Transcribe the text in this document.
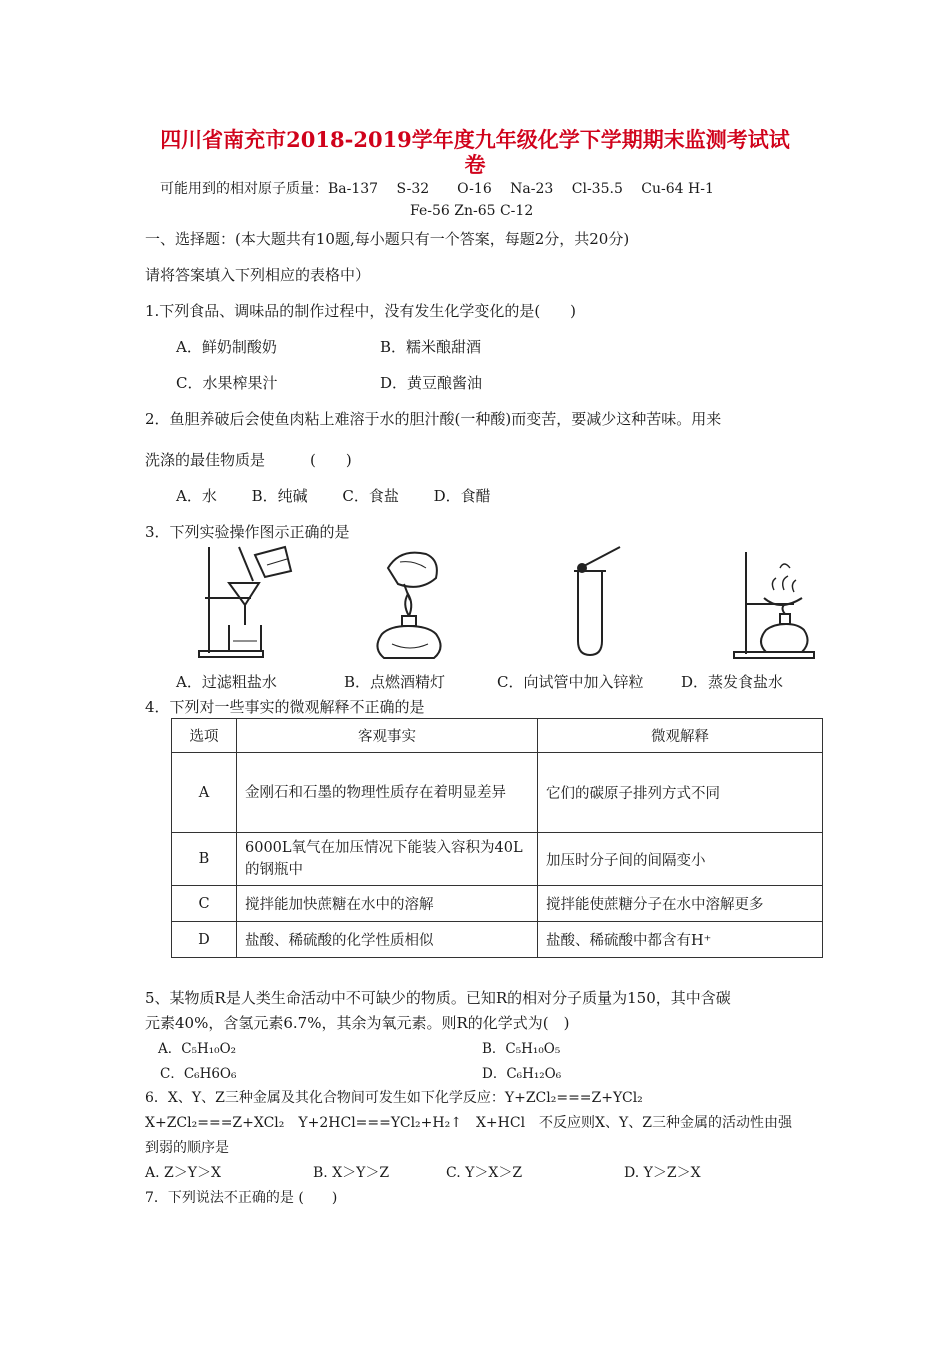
四川省南充市2018-2019学年度九年级化学下学期期末监测考试试
卷
可能用到的相对原子质量：Ba-137　 S-32　　O-16　 Na-23　 Cl-35.5　 Cu-64 H-1
Fe-56 Zn-65 C-12
一、选择题：(本大题共有10题,每小题只有一个答案，每题2分，共20分)
请将答案填入下列相应的表格中）
1.下列食品、调味品的制作过程中，没有发生化学变化的是(　　)
A．鲜奶制酸奶	B．糯米酿甜酒
C．水果榨果汁	D．黄豆酿酱油
2．鱼胆养破后会使鱼肉粘上难溶于水的胆汁酸(一种酸)而变苦，要减少这种苦味。用来
洗涤的最佳物质是　　　(　　)
A．水　　 B．纯碱　　 C．食盐　　 D．食醋
3．下列实验操作图示正确的是
A．过滤粗盐水	B．点燃酒精灯	C．向试管中加入锌粒	D．蒸发食盐水
4．下列对一些事实的微观解释不正确的是
选项	客观事实	微观解释
A	金刚石和石墨的物理性质存在着明显差异	它们的碳原子排列方式不同
B	6000L氧气在加压情况下能装入容积为40L的钢瓶中	加压时分子间的间隔变小
C	搅拌能加快蔗糖在水中的溶解	搅拌能使蔗糖分子在水中溶解更多
D	盐酸、稀硫酸的化学性质相似	盐酸、稀硫酸中都含有H⁺
5、某物质R是人类生命活动中不可缺少的物质。已知R的相对分子质量为150，其中含碳
元素40%，含氢元素6.7%，其余为氧元素。则R的化学式为(　)
A．C₅H₁₀O₂	B．C₅H₁₀O₅
C．C₆H6O₆	D．C₆H₁₂O₆
6．X、Y、Z三种金属及其化合物间可发生如下化学反应：Y+ZCl₂===Z+YCl₂
X+ZCl₂===Z+XCl₂　Y+2HCl===YCl₂+H₂↑　X+HCl　不反应则X、Y、Z三种金属的活动性由强
到弱的顺序是
A. Z＞Y＞X	B. X＞Y＞Z	C. Y＞X＞Z	D. Y＞Z＞X
7．下列说法不正确的是 (　　)
